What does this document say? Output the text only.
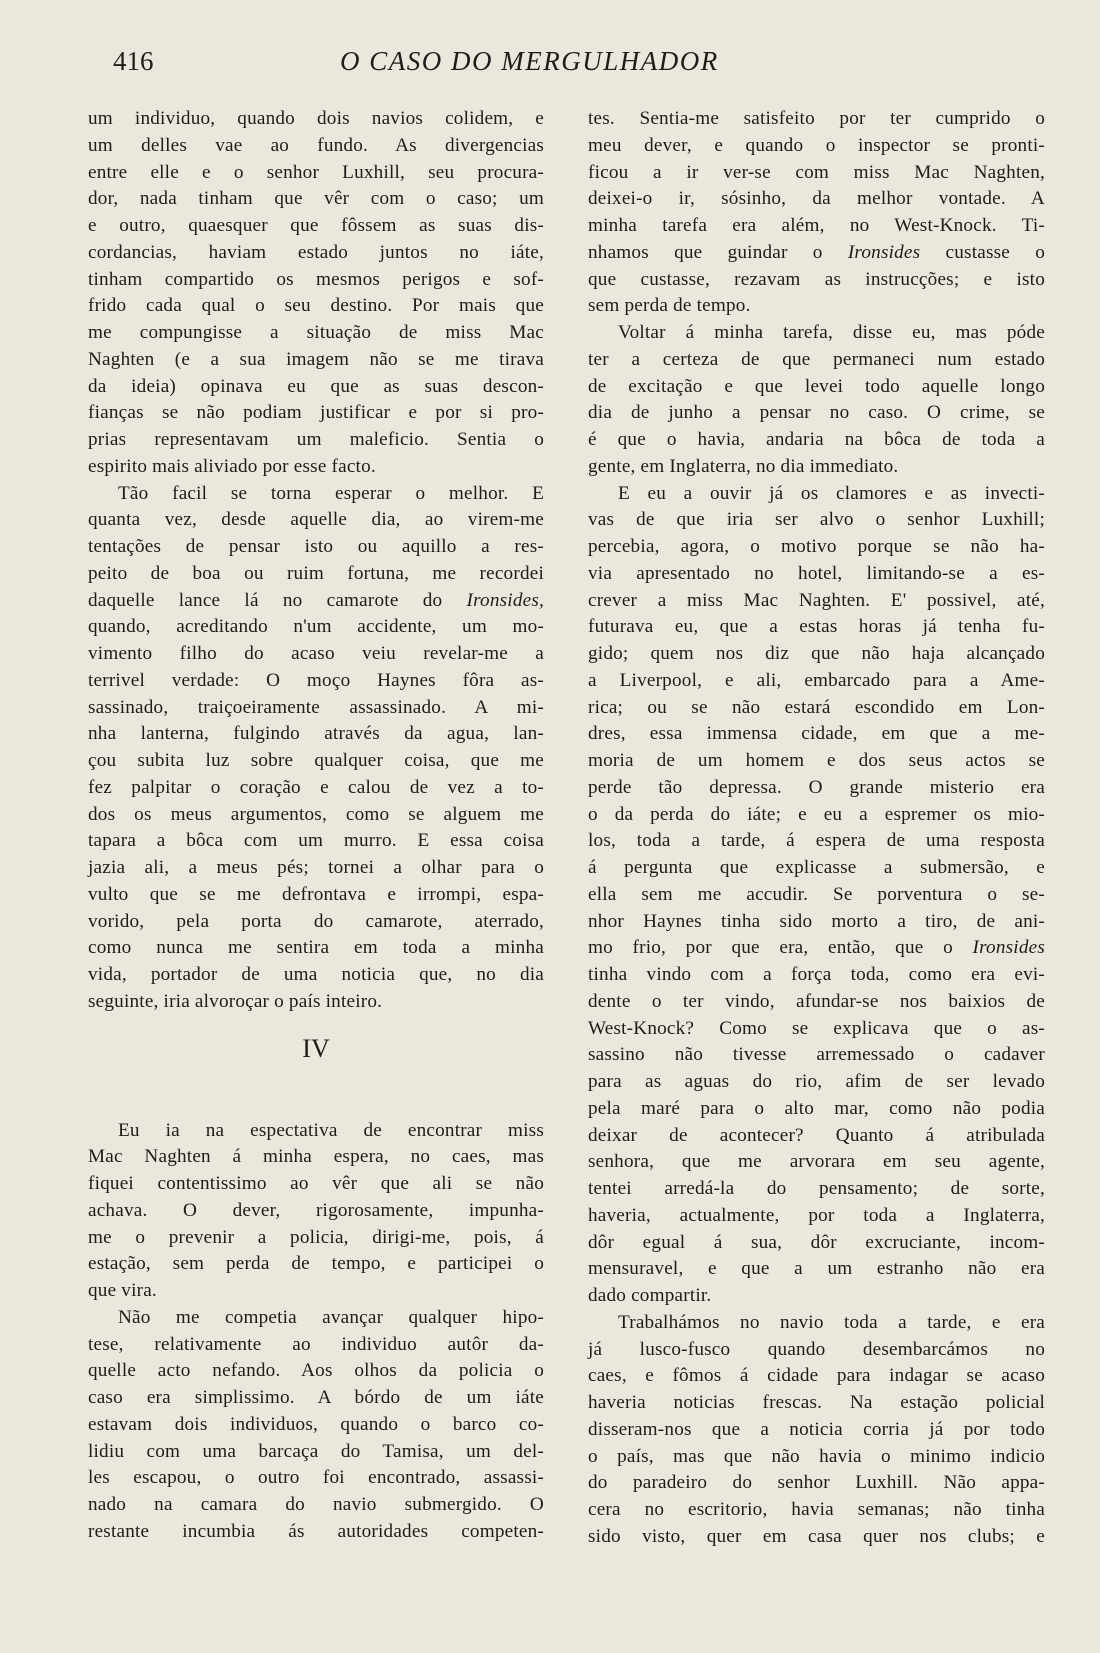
416	O CASO DO MERGULHADOR
um individuo, quando dois navios colidem, e
um delles vae ao fundo. As divergencias
entre elle e o senhor Luxhill, seu procura-
dor, nada tinham que vêr com o caso; um
e outro, quaesquer que fôssem as suas dis-
cordancias, haviam estado juntos no iáte,
tinham compartido os mesmos perigos e sof-
frido cada qual o seu destino. Por mais que
me compungisse a situação de miss Mac
Naghten (e a sua imagem não se me tirava
da ideia) opinava eu que as suas descon-
fianças se não podiam justificar e por si pro-
prias representavam um maleficio. Sentia o
espirito mais aliviado por esse facto.
Tão facil se torna esperar o melhor. E
quanta vez, desde aquelle dia, ao virem-me
tentações de pensar isto ou aquillo a res-
peito de boa ou ruim fortuna, me recordei
daquelle lance lá no camarote do Ironsides,
quando, acreditando n'um accidente, um mo-
vimento filho do acaso veiu revelar-me a
terrivel verdade: O moço Haynes fôra as-
sassinado, traiçoeiramente assassinado. A mi-
nha lanterna, fulgindo através da agua, lan-
çou subita luz sobre qualquer coisa, que me
fez palpitar o coração e calou de vez a to-
dos os meus argumentos, como se alguem me
tapara a bôca com um murro. E essa coisa
jazia ali, a meus pés; tornei a olhar para o
vulto que se me defrontava e irrompi, espa-
vorido, pela porta do camarote, aterrado,
como nunca me sentira em toda a minha
vida, portador de uma noticia que, no dia
seguinte, iria alvoroçar o país inteiro.
IV
Eu ia na espectativa de encontrar miss
Mac Naghten á minha espera, no caes, mas
fiquei contentissimo ao vêr que ali se não
achava. O dever, rigorosamente, impunha-
me o prevenir a policia, dirigi-me, pois, á
estação, sem perda de tempo, e participei o
que vira.
Não me competia avançar qualquer hipo-
tese, relativamente ao individuo autôr da-
quelle acto nefando. Aos olhos da policia o
caso era simplissimo. A bórdo de um iáte
estavam dois individuos, quando o barco co-
lidiu com uma barcaça do Tamisa, um del-
les escapou, o outro foi encontrado, assassi-
nado na camara do navio submergido. O
restante incumbia ás autoridades competen-
tes. Sentia-me satisfeito por ter cumprido o
meu dever, e quando o inspector se pronti-
ficou a ir ver-se com miss Mac Naghten,
deixei-o ir, sósinho, da melhor vontade. A
minha tarefa era além, no West-Knock. Ti-
nhamos que guindar o Ironsides custasse o
que custasse, rezavam as instrucções; e isto
sem perda de tempo.
Voltar á minha tarefa, disse eu, mas póde
ter a certeza de que permaneci num estado
de excitação e que levei todo aquelle longo
dia de junho a pensar no caso. O crime, se
é que o havia, andaria na bôca de toda a
gente, em Inglaterra, no dia immediato.
E eu a ouvir já os clamores e as invecti-
vas de que iria ser alvo o senhor Luxhill;
percebia, agora, o motivo porque se não ha-
via apresentado no hotel, limitando-se a es-
crever a miss Mac Naghten. E' possivel, até,
futurava eu, que a estas horas já tenha fu-
gido; quem nos diz que não haja alcançado
a Liverpool, e ali, embarcado para a Ame-
rica; ou se não estará escondido em Lon-
dres, essa immensa cidade, em que a me-
moria de um homem e dos seus actos se
perde tão depressa. O grande misterio era
o da perda do iáte; e eu a espremer os mio-
los, toda a tarde, á espera de uma resposta
á pergunta que explicasse a submersão, e
ella sem me accudir. Se porventura o se-
nhor Haynes tinha sido morto a tiro, de ani-
mo frio, por que era, então, que o Ironsides
tinha vindo com a força toda, como era evi-
dente o ter vindo, afundar-se nos baixios de
West-Knock? Como se explicava que o as-
sassino não tivesse arremessado o cadaver
para as aguas do rio, afim de ser levado
pela maré para o alto mar, como não podia
deixar de acontecer? Quanto á atribulada
senhora, que me arvorara em seu agente,
tentei arredá-la do pensamento; de sorte,
haveria, actualmente, por toda a Inglaterra,
dôr egual á sua, dôr excruciante, incom-
mensuravel, e que a um estranho não era
dado compartir.
Trabalhámos no navio toda a tarde, e era
já lusco-fusco quando desembarcámos no
caes, e fômos á cidade para indagar se acaso
haveria noticias frescas. Na estação policial
disseram-nos que a noticia corria já por todo
o país, mas que não havia o minimo indicio
do paradeiro do senhor Luxhill. Não appa-
cera no escritorio, havia semanas; não tinha
sido visto, quer em casa quer nos clubs; e
